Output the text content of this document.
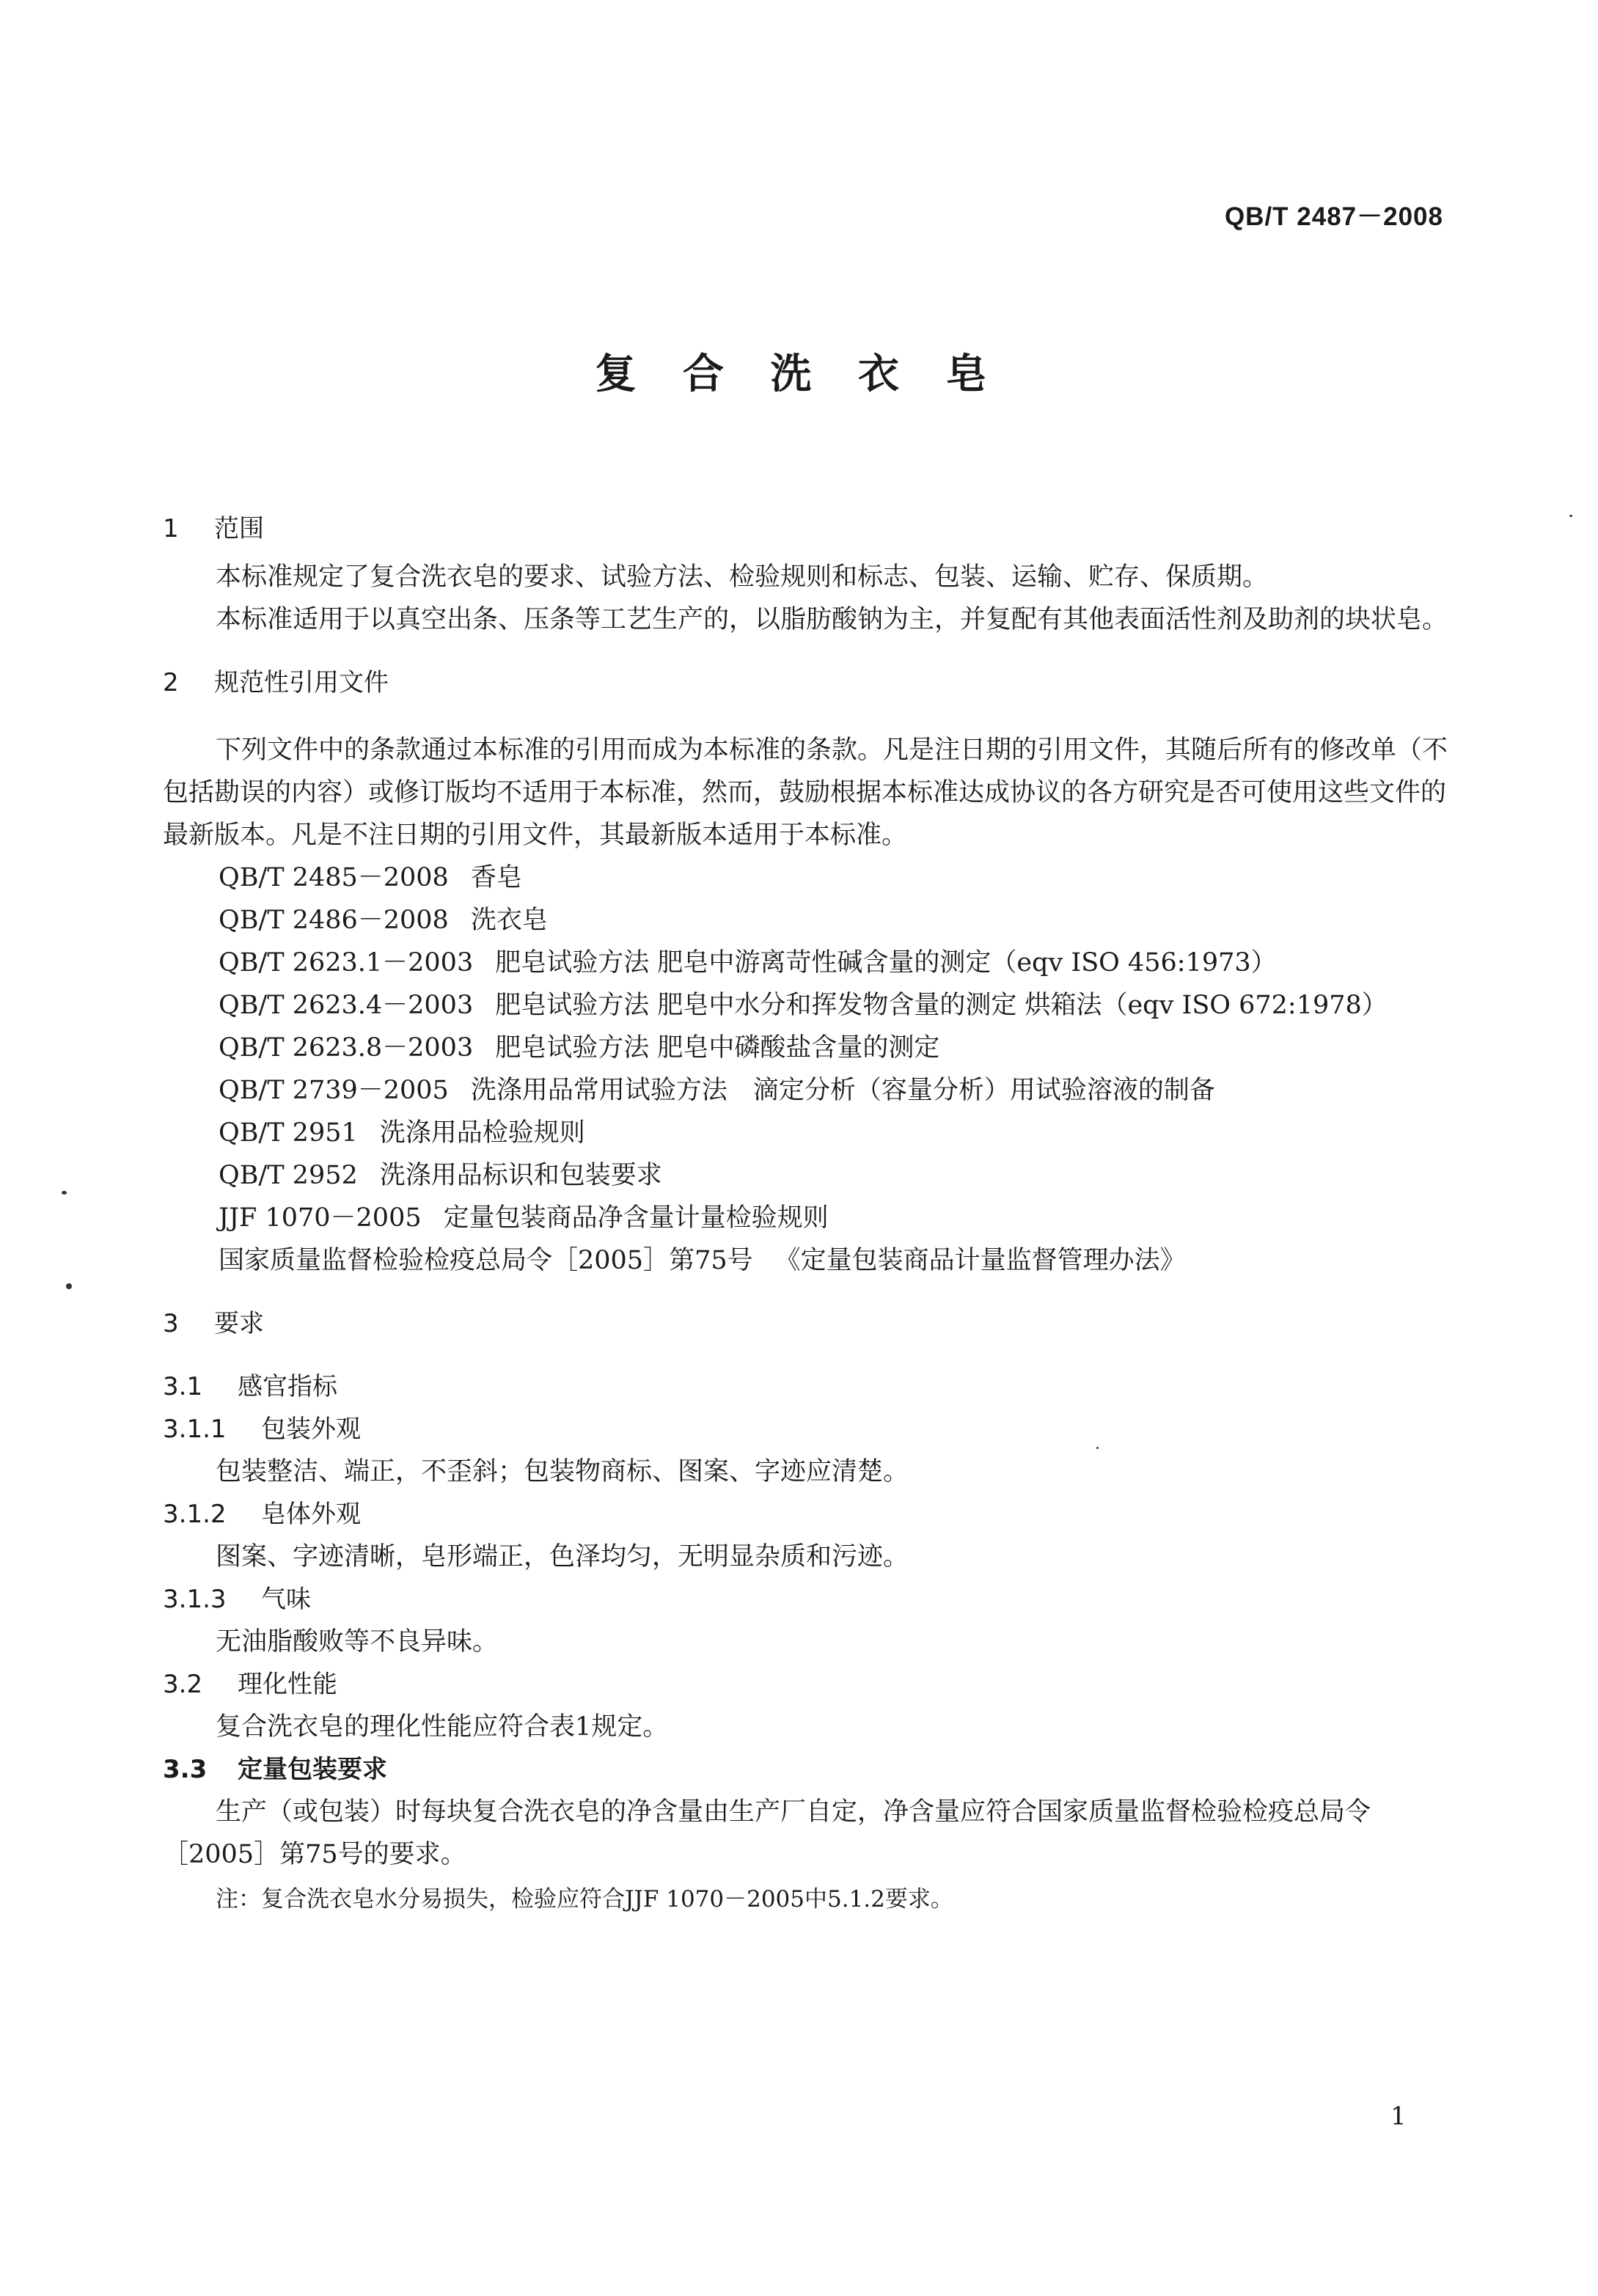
QB/T 2487－2008
复 合 洗 衣 皂
1 范围

本标准规定了复合洗衣皂的要求、试验方法、检验规则和标志、包装、运输、贮存、保质期。

本标准适用于以真空出条、压条等工艺生产的，以脂肪酸钠为主，并复配有其他表面活性剂及助剂的块状皂。

2 规范性引用文件

下列文件中的条款通过本标准的引用而成为本标准的条款。凡是注日期的引用文件，其随后所有的修改单（不包括勘误的内容）或修订版均不适用于本标准，然而，鼓励根据本标准达成协议的各方研究是否可使用这些文件的最新版本。凡是不注日期的引用文件，其最新版本适用于本标准。

QB/T 2485－2008 香皂
QB/T 2486－2008 洗衣皂
QB/T 2623.1－2003 肥皂试验方法 肥皂中游离苛性碱含量的测定（eqv ISO 456:1973）
QB/T 2623.4－2003 肥皂试验方法 肥皂中水分和挥发物含量的测定 烘箱法（eqv ISO 672:1978）
QB/T 2623.8－2003 肥皂试验方法 肥皂中磷酸盐含量的测定
QB/T 2739－2005 洗涤用品常用试验方法　滴定分析（容量分析）用试验溶液的制备
QB/T 2951 洗涤用品检验规则
QB/T 2952 洗涤用品标识和包装要求
JJF 1070－2005 定量包装商品净含量计量检验规则
国家质量监督检验检疫总局令［2005］第75号 《定量包装商品计量监督管理办法》
3 要求
3.1 感官指标
3.1.1 包装外观

包装整洁、端正，不歪斜；包装物商标、图案、字迹应清楚。

3.1.2 皂体外观

图案、字迹清晰，皂形端正，色泽均匀，无明显杂质和污迹。

3.1.3 气味

无油脂酸败等不良异味。

3.2 理化性能

复合洗衣皂的理化性能应符合表1规定。

3.3 定量包装要求

生产（或包装）时每块复合洗衣皂的净含量由生产厂自定，净含量应符合国家质量监督检验检疫总局令［2005］第75号的要求。

注：复合洗衣皂水分易损失，检验应符合JJF 1070－2005中5.1.2要求。

1
